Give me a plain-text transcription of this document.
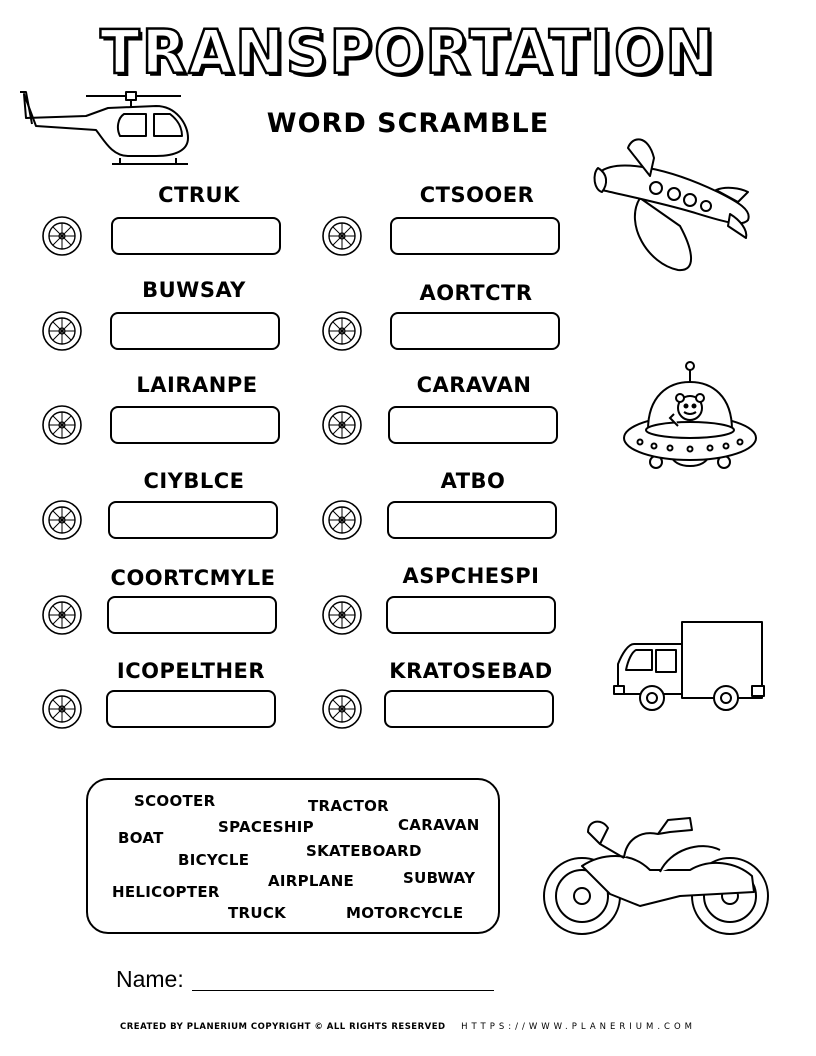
TRANSPORTATION
WORD SCRAMBLE
CTRUK	CTSOOER
BUWSAY	AORTCTR
LAIRANPE	CARAVAN
CIYBLCE	ATBO
COORTCMYLE	ASPCHESPI
ICOPELTHER	KRATOSEBAD
SCOOTER	TRACTOR
BOAT
SPACESHIP	CARAVAN
BICYCLE	SKATEBOARD
HELICOPTER
AIRPLANE	SUBWAY
TRUCK	MOTORCYCLE
Name:
CREATED BY PLANERIUM COPYRIGHT © ALL RIGHTS RESERVED HTTPS://WWW.PLANERIUM.COM
